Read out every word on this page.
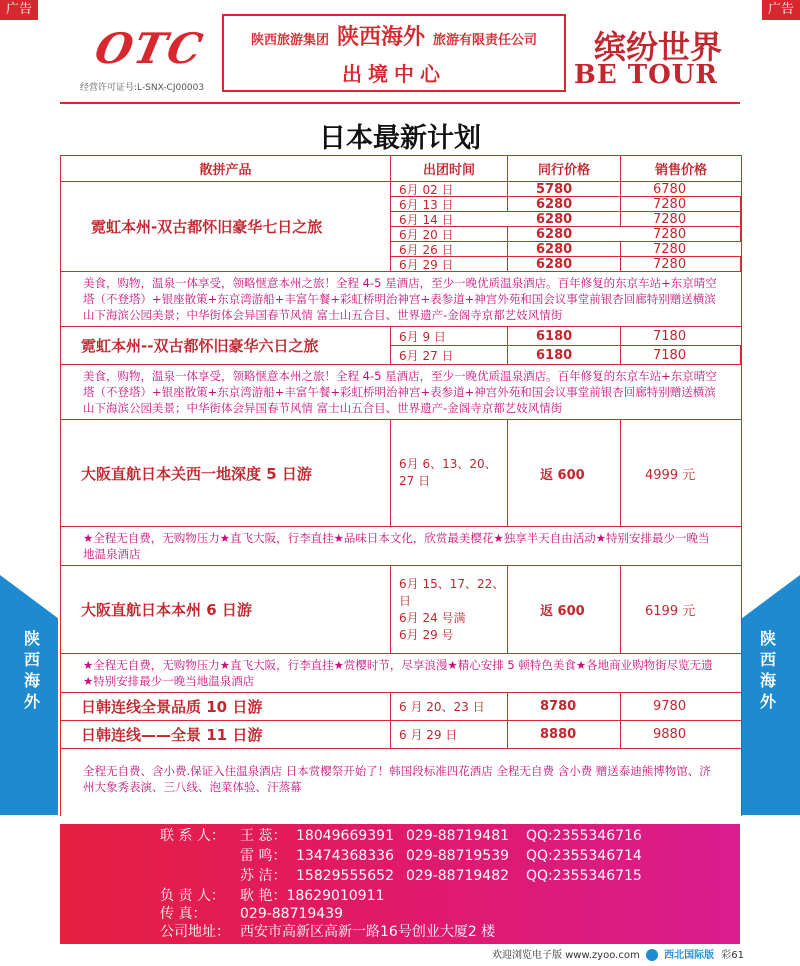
广告	广告
OTC
经营许可证号:L-SNX-CJ00003
陕西旅游集团 陕西海外 旅游有限责任公司
出境中心
缤纷世界
BE TOUR
陕西海外
陕西海外
日本最新计划
散拼产品	出团时间	同行价格	销售价格
霓虹本州-双古都怀旧豪华七日之旅
6月 02 日	5780	6780
6月 13 日	6280	7280
6月 14 日	6280	7280
6月 20 日	6280	7280
6月 26 日	6280	7280
6月 29 日	6280	7280
美食，购物，温泉一体享受，领略惬意本州之旅！全程 4-5 星酒店，至少一晚优质温泉酒店。百年修复的东京车站+东京晴空塔（不登塔）+银座散策+东京湾游船+丰富午餐+彩虹桥明治神宫+表参道+神宫外苑和国会议事堂前银杏回廊特别赠送横滨 山下海滨公园美景；中华街体会异国春节风情 富士山五合目、世界遗产-金阁寺京都艺妓风情街
霓虹本州--双古都怀旧豪华六日之旅
6月 9 日	6180	7180
6月 27 日	6180	7180
美食，购物，温泉一体享受，领略惬意本州之旅！全程 4-5 星酒店，至少一晚优质温泉酒店。百年修复的东京车站+东京晴空塔（不登塔）+银座散策+东京湾游船+丰富午餐+彩虹桥明治神宫+表参道+神宫外苑和国会议事堂前银杏回廊特别赠送横滨 山下海滨公园美景；中华街体会异国春节风情 富士山五合目、世界遗产-金阁寺京都艺妓风情街
大阪直航日本关西一地深度 5 日游
6月 6、13、20、27 日	返 600	4999 元
★全程无自费，无购物压力★直飞大阪，行李直挂★品味日本文化，欣赏最美樱花★独享半天自由活动★特别安排最少一晚当地温泉酒店
大阪直航日本本州 6 日游
6月 15、17、22、日
6月 24 号满
6月 29 号
返 600	6199 元
★全程无自费，无购物压力★直飞大阪，行李直挂★赏樱时节，尽享浪漫★精心安排 5 顿特色美食★各地商业购物街尽览无遗★特别安排最少一晚当地温泉酒店
日韩连线全景品质 10 日游	6 月 20、23 日	8780	9780
日韩连线——全景 11 日游	6 月 29 日	8880	9880
全程无自费、含小费.保证入住温泉酒店 日本赏樱祭开始了！韩国段标准四花酒店 全程无自费 含小费 赠送泰迪熊博物馆、济州大象秀表演、三八线、泡菜体验、汗蒸幕
联 系 人： 王 蕊： 18049669391 029-88719481 QQ:2355346716
雷 鸣： 13474368336 029-88719539 QQ:2355346714
苏 洁： 15829555652 029-88719482 QQ:2355346715
负 责 人： 耿 艳：18629010911
传 真： 029-88719439
公司地址： 西安市高新区高新一路16号创业大厦2 楼
欢迎浏览电子版 www.zyoo.com 西北国际版 彩61
